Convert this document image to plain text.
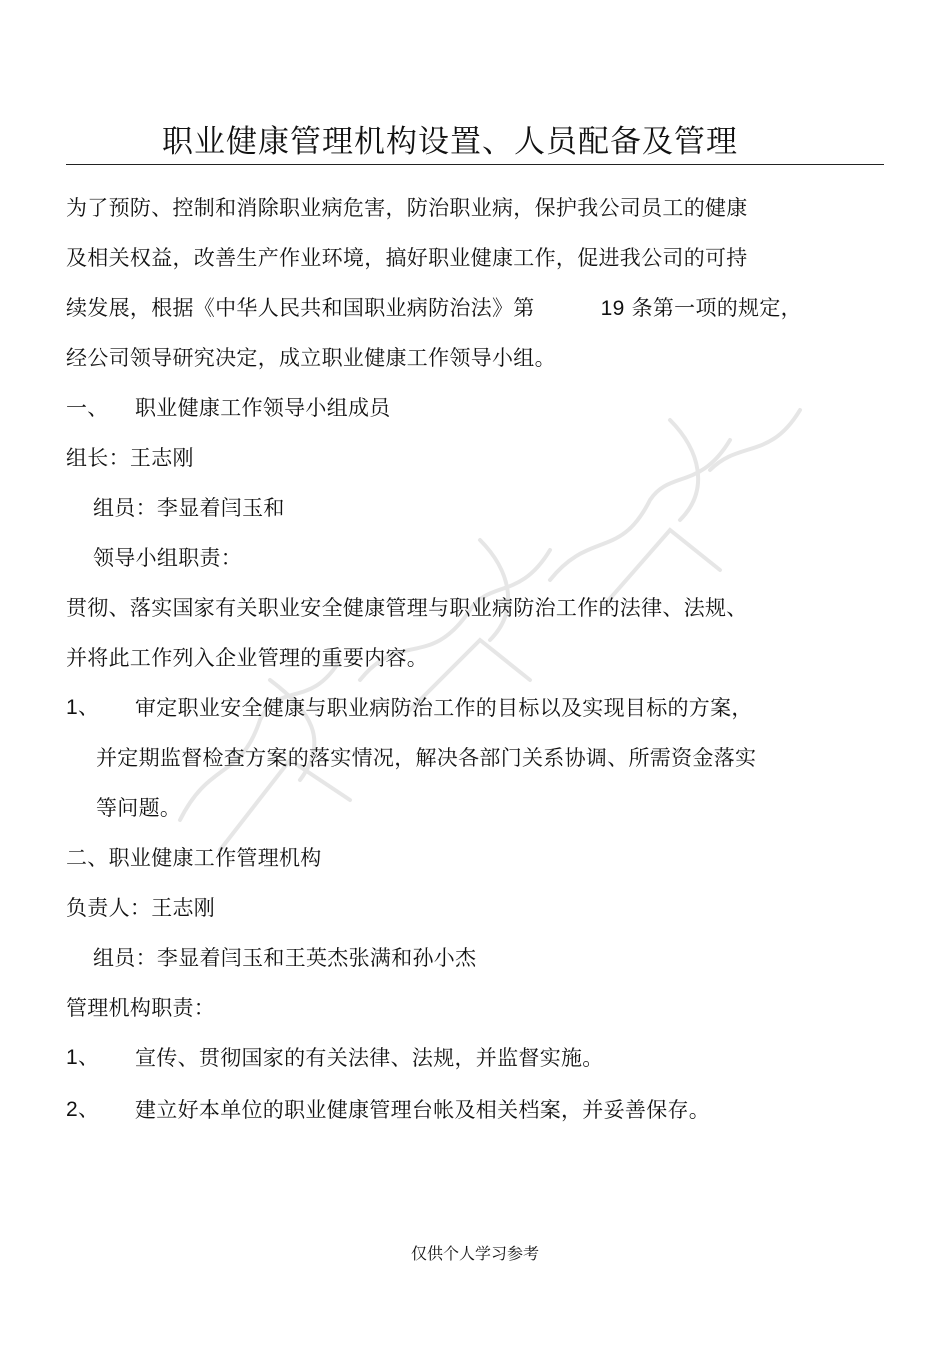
职业健康管理机构设置、人员配备及管理
为了预防、控制和消除职业病危害，防治职业病，保护我公司员工的健康
及相关权益，改善生产作业环境，搞好职业健康工作，促进我公司的可持
续发展，根据《中华人民共和国职业病防治法》第	19 条第一项的规定，
经公司领导研究决定，成立职业健康工作领导小组。
一、 职业健康工作领导小组成员
组长：王志刚
组员：李显着闫玉和
领导小组职责：
贯彻、落实国家有关职业安全健康管理与职业病防治工作的法律、法规、
并将此工作列入企业管理的重要内容。
1、 审定职业安全健康与职业病防治工作的目标以及实现目标的方案，
并定期监督检查方案的落实情况，解决各部门关系协调、所需资金落实
等问题。
二、职业健康工作管理机构
负责人：王志刚
组员：李显着闫玉和王英杰张满和孙小杰
管理机构职责：
1、 宣传、贯彻国家的有关法律、法规，并监督实施。
2、 建立好本单位的职业健康管理台帐及相关档案，并妥善保存。
仅供个人学习参考
